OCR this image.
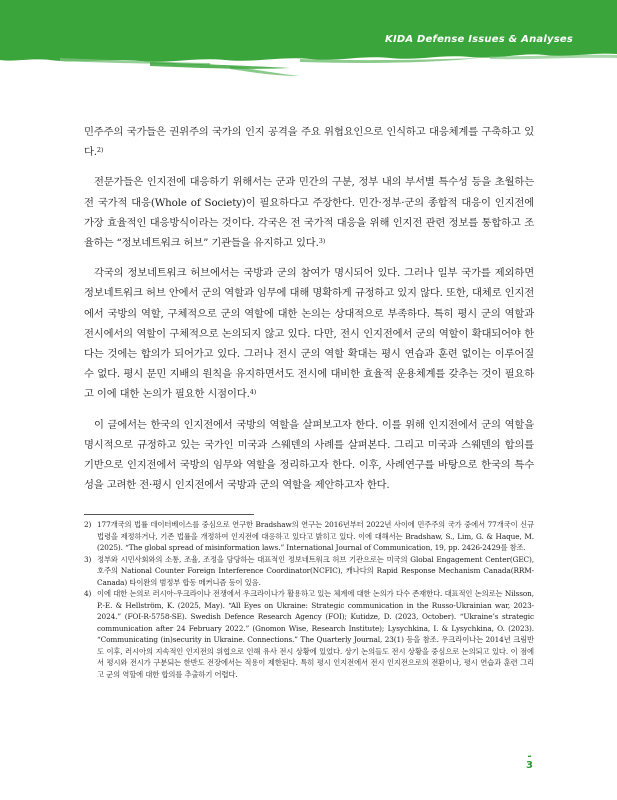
KIDA Defense Issues & Analyses

민주주의 국가들은 권위주의 국가의 인지 공격을 주요 위협요인으로 인식하고 대응체계를 구축하고 있다.$^{2)}$

전문가들은 인지전에 대응하기 위해서는 군과 민간의 구분, 정부 내의 부서별 특수성 등을 초월하는 전 국가적 대응(Whole of Society)이 필요하다고 주장한다. 민간·정부·군의 종합적 대응이 인지전에 가장 효율적인 대응방식이라는 것이다. 각국은 전 국가적 대응을 위해 인지전 관련 정보를 통합하고 조율하는 “정보네트워크 허브” 기관들을 유지하고 있다.$^{3)}$

각국의 정보네트워크 허브에서는 국방과 군의 참여가 명시되어 있다. 그러나 일부 국가를 제외하면 정보네트워크 허브 안에서 군의 역할과 임무에 대해 명확하게 규정하고 있지 않다. 또한, 대체로 인지전에서 국방의 역할, 구체적으로 군의 역할에 대한 논의는 상대적으로 부족하다. 특히 평시 군의 역할과 전시에서의 역할이 구체적으로 논의되지 않고 있다. 다만, 전시 인지전에서 군의 역할이 확대되어야 한다는 것에는 합의가 되어가고 있다. 그러나 전시 군의 역할 확대는 평시 연습과 훈련 없이는 이루어질 수 없다. 평시 문민 지배의 원칙을 유지하면서도 전시에 대비한 효율적 운용체계를 갖추는 것이 필요하고 이에 대한 논의가 필요한 시점이다.$^{4)}$

이 글에서는 한국의 인지전에서 국방의 역할을 살펴보고자 한다. 이를 위해 인지전에서 군의 역할을 명시적으로 규정하고 있는 국가인 미국과 스웨덴의 사례를 살펴본다. 그리고 미국과 스웨덴의 합의를 기반으로 인지전에서 국방의 임무와 역할을 정리하고자 한다. 이후, 사례연구를 바탕으로 한국의 특수성을 고려한 전·평시 인지전에서 국방과 군의 역할을 제안하고자 한다.

2) 177개국의 법률 데이터베이스를 중심으로 연구한 Bradshaw의 연구는 2016년부터 2022년 사이에 민주주의 국가 중에서 77개국이 신규 법령을 제정하거나, 기존 법률을 개정하여 인지전에 대응하고 있다고 밝히고 있다. 이에 대해서는 Bradshaw, S., Lim, G. & Haque, M. (2025). “The global spread of misinformation laws.” International Journal of Communication, 19, pp. 2426-2429를 참조.
3) 정부와 시민사회와의 소통, 조율, 조정을 담당하는 대표적인 정보네트워크 허브 기관으로는 미국의 Global Engagement Center(GEC), 호주의 National Counter Foreign Interference Coordinator(NCFIC), 캐나다의 Rapid Response Mechanism Canada(RRM-Canada) 타이완의 범정부 합동 메커니즘 등이 있음.
4) 이에 대한 논의로 러시아-우크라이나 전쟁에서 우크라이나가 활용하고 있는 체계에 대한 논의가 다수 존재한다. 대표적인 논의로는 Nilsson, P.-E. & Hellström, K. (2025, May). “All Eyes on Ukraine: Strategic communication in the Russo-Ukrainian war, 2023-2024.” (FOI-R-5758-SE). Swedish Defence Research Agency (FOI); Kutidze, D. (2023, October). “Ukraine’s strategic communication after 24 February 2022.” (Gnomon Wise, Research Institute); Lysychkina, I. & Lysychkina, O. (2023). “Communicating (in)security in Ukraine. Connections.” The Quarterly Journal, 23(1) 등을 참조. 우크라이나는 2014년 크림반도 이후, 러시아의 지속적인 인지전의 위협으로 인해 유사 전시 상황에 있었다. 상기 논의들도 전시 상황을 중심으로 논의되고 있다. 이 점에서 평시와 전시가 구분되는 한반도 전장에서는 적용이 제한된다. 특히 평시 인지전에서 전시 인지전으로의 전환이나, 평시 연습과 훈련 그리고 군의 역할에 대한 합의를 추출하기 어렵다.
-
3
